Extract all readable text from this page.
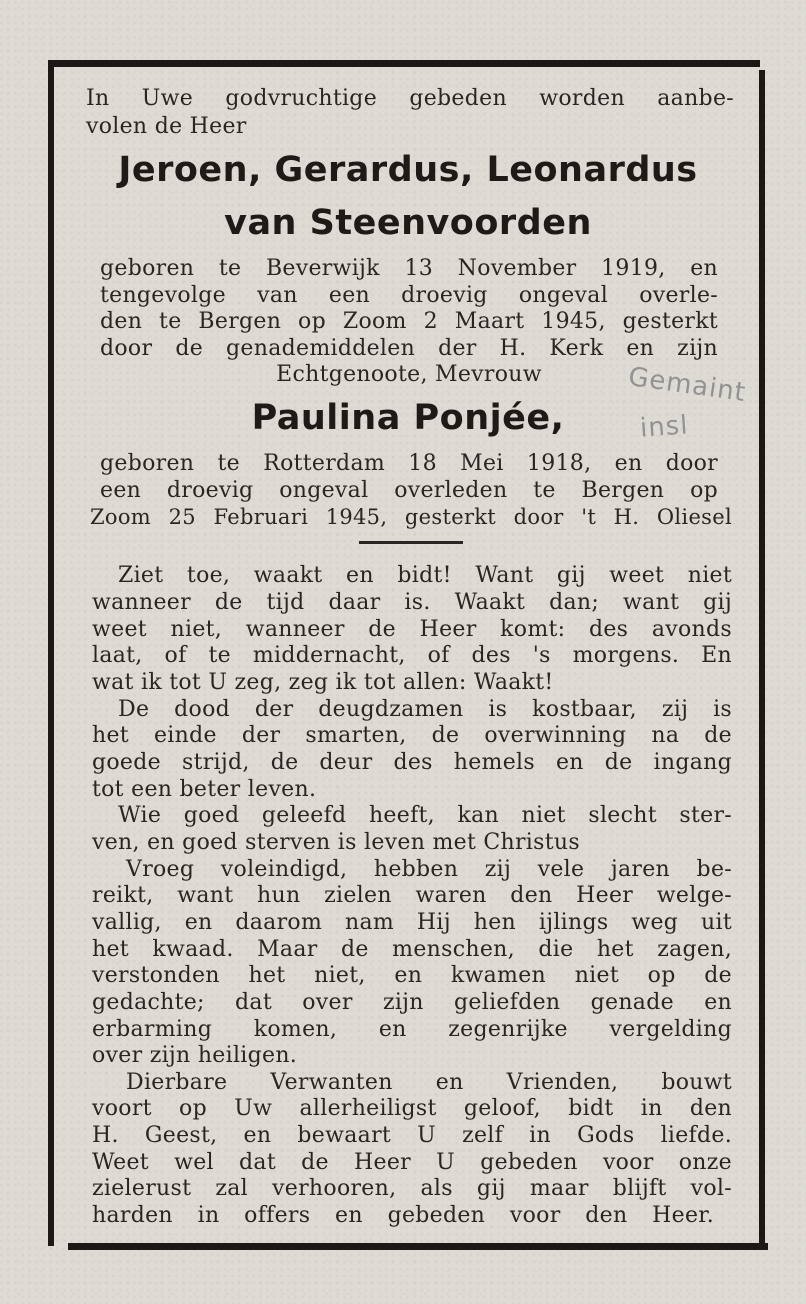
In Uwe godvruchtige gebeden worden aanbe-
volen de Heer
Jeroen, Gerardus, Leonardus
van Steenvoorden
geboren te Beverwijk 13 November 1919, en
tengevolge van een droevig ongeval overle-
den te Bergen op Zoom 2 Maart 1945, gesterkt
door de genademiddelen der H. Kerk en zijn
Echtgenoote, Mevrouw	Gemaint
insl
Paulina Ponjée,
geboren te Rotterdam 18 Mei 1918, en door
een droevig ongeval overleden te Bergen op
Zoom 25 Februari 1945, gesterkt door 't H. Oliesel
Ziet toe, waakt en bidt! Want gij weet niet
wanneer de tijd daar is. Waakt dan; want gij
weet niet, wanneer de Heer komt: des avonds
laat, of te middernacht, of des 's morgens. En
wat ik tot U zeg, zeg ik tot allen: Waakt!
De dood der deugdzamen is kostbaar, zij is
het einde der smarten, de overwinning na de
goede strijd, de deur des hemels en de ingang
tot een beter leven.
Wie goed geleefd heeft, kan niet slecht ster-
ven, en goed sterven is leven met Christus
Vroeg voleindigd, hebben zij vele jaren be-
reikt, want hun zielen waren den Heer welge-
vallig, en daarom nam Hij hen ijlings weg uit
het kwaad. Maar de menschen, die het zagen,
verstonden het niet, en kwamen niet op de
gedachte; dat over zijn geliefden genade en
erbarming komen, en zegenrijke vergelding
over zijn heiligen.
Dierbare Verwanten en Vrienden, bouwt
voort op Uw allerheiligst geloof, bidt in den
H. Geest, en bewaart U zelf in Gods liefde.
Weet wel dat de Heer U gebeden voor onze
zielerust zal verhooren, als gij maar blijft vol-
harden in offers en gebeden voor den Heer.
